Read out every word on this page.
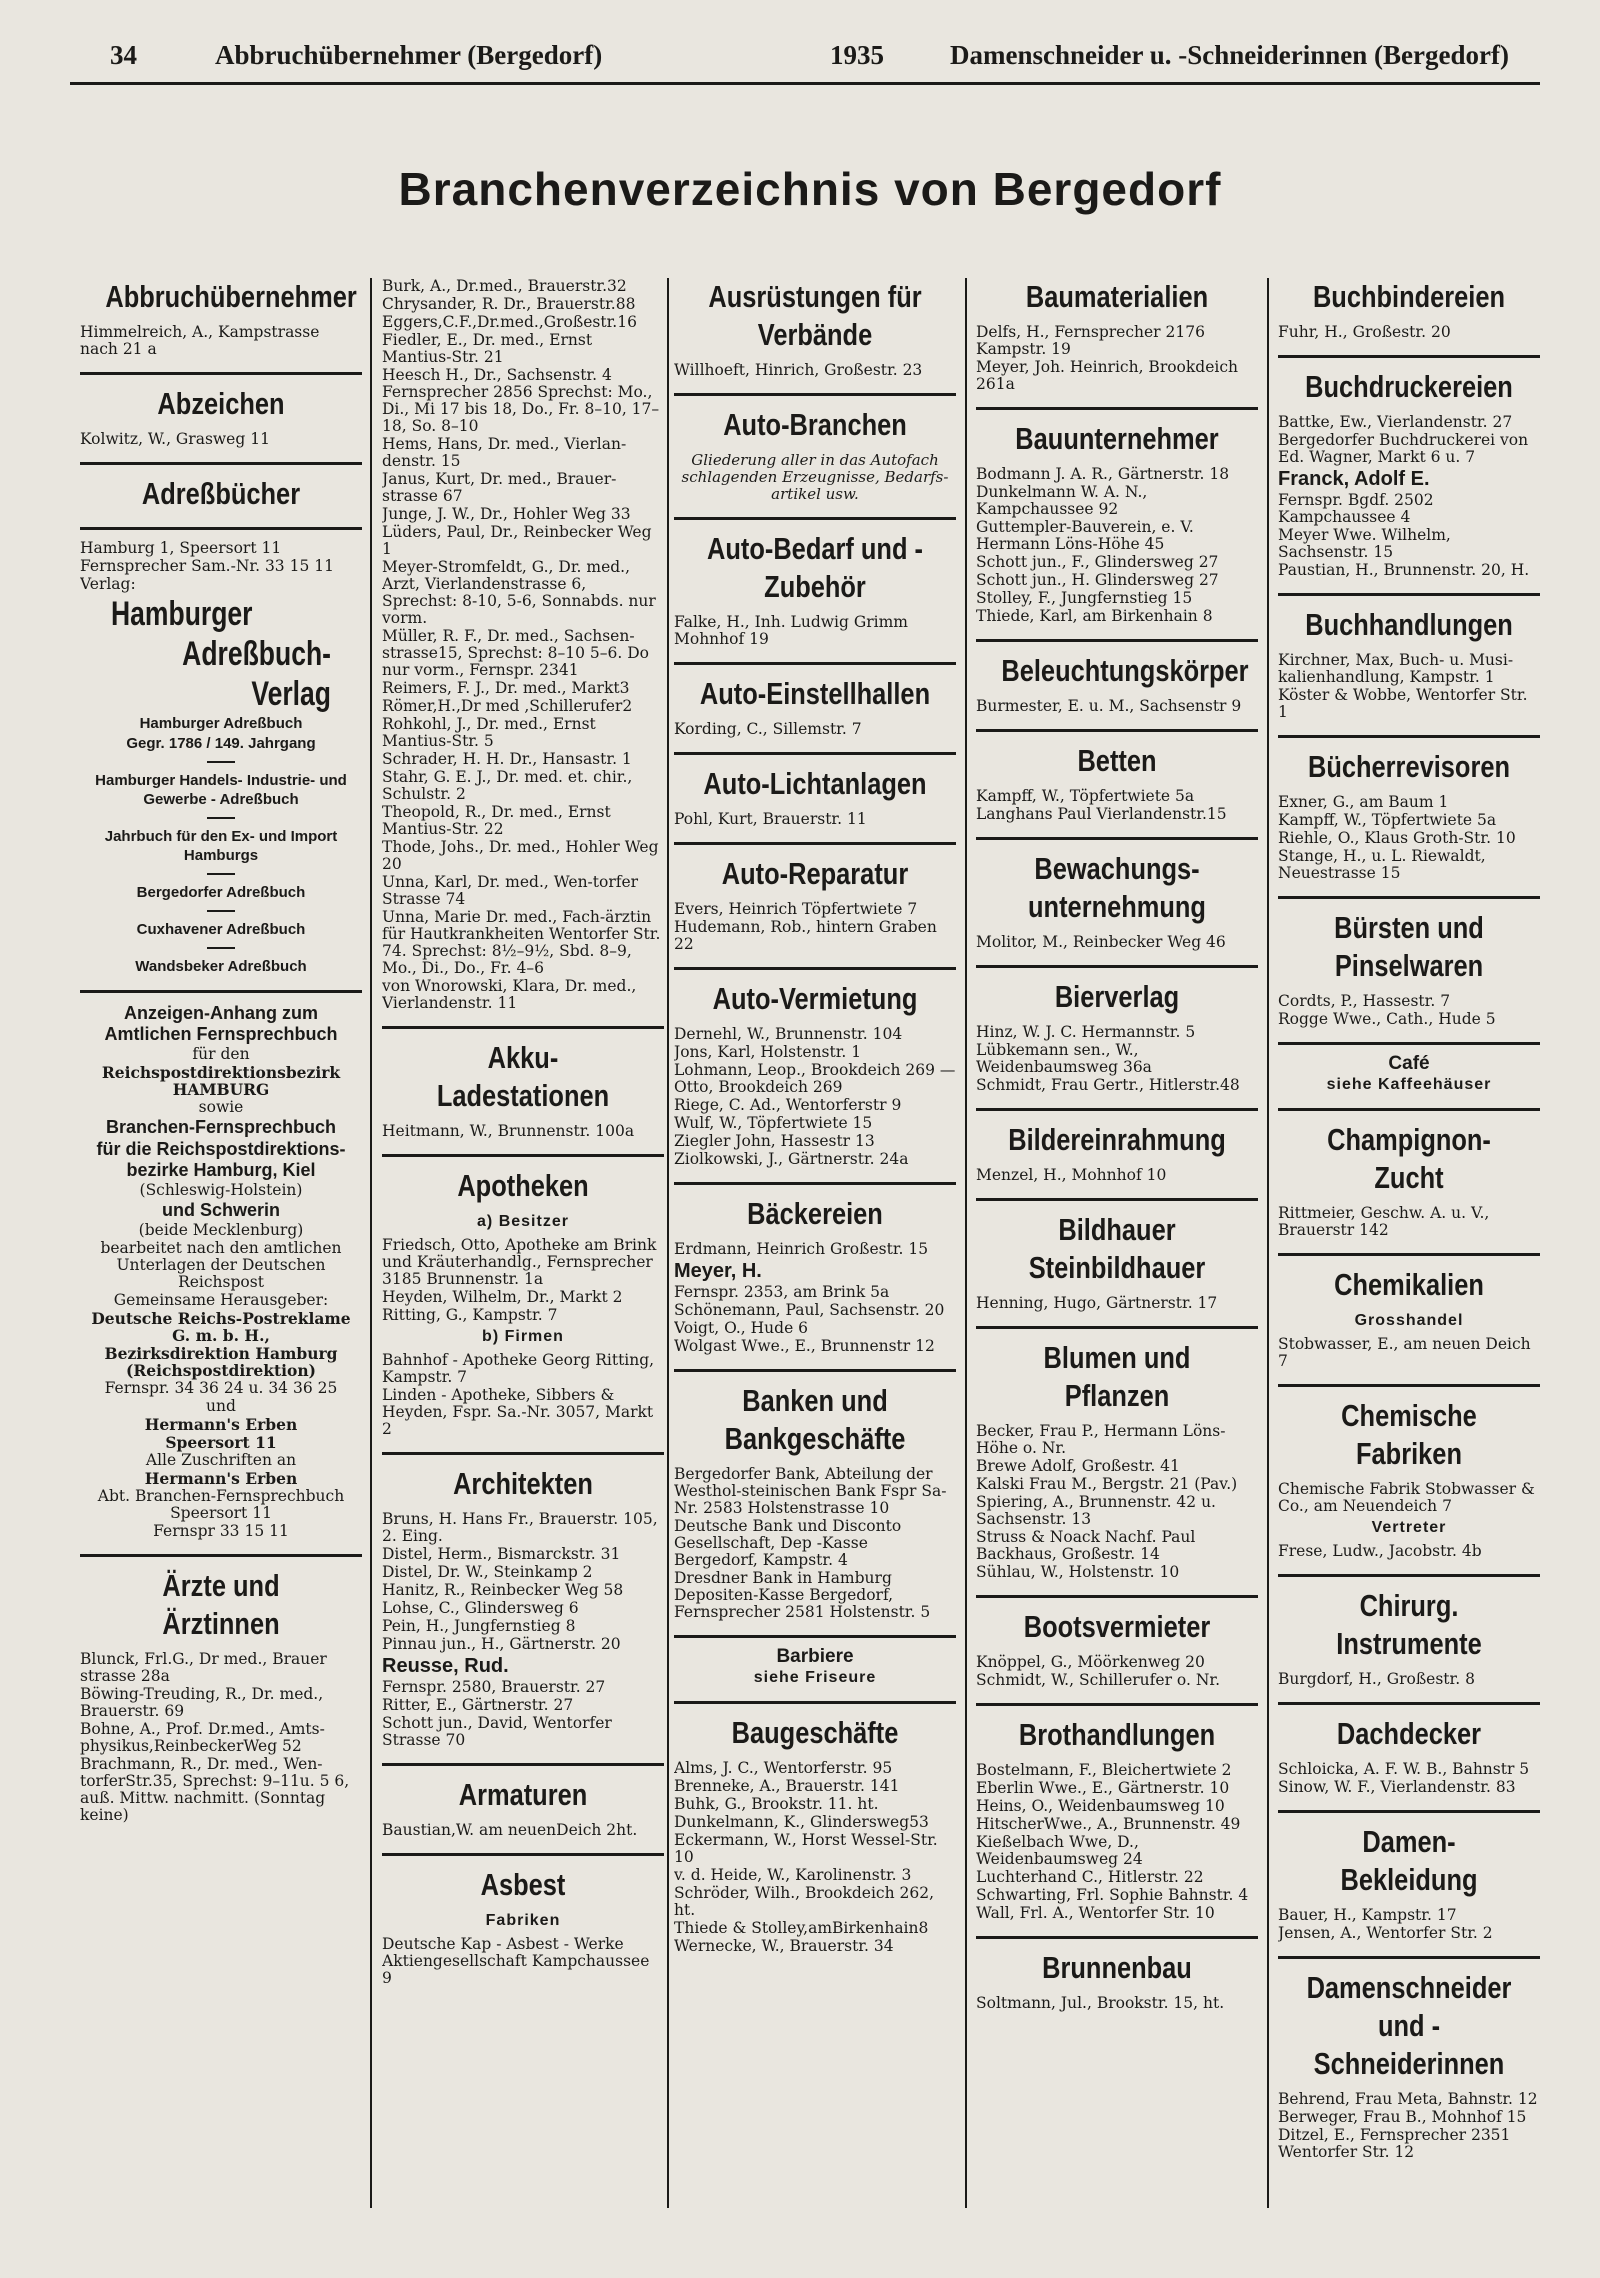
34	Abbruchübernehmer (Bergedorf)	1935 Damenschneider u. -Schneiderinnen (Bergedorf)
Branchenverzeichnis von Bergedorf
Abbruchübernehmer
Himmelreich, A., Kampstrasse nach 21 a
Abzeichen
Kolwitz, W., Grasweg 11
Adreßbücher
Hamburg 1, Speersort 11
Fernsprecher Sam.-Nr. 33 15 11
Verlag:
Hamburger
Adreßbuch-Verlag
Hamburger Adreßbuch
Gegr. 1786 / 149. Jahrgang
Hamburger Handels- Industrie- und Gewerbe - Adreßbuch
Jahrbuch für den Ex- und Import Hamburgs
Bergedorfer Adreßbuch
Cuxhavener Adreßbuch
Wandsbeker Adreßbuch
Anzeigen-Anhang zum Amtlichen Fernsprechbuch
für den
Reichspostdirektionsbezirk HAMBURG
sowie
Branchen-Fernsprechbuch
für die Reichspostdirektions-bezirke Hamburg, Kiel
(Schleswig-Holstein)
und Schwerin
(beide Mecklenburg)
bearbeitet nach den amtlichen Unterlagen der Deutschen Reichspost
Gemeinsame Herausgeber:
Deutsche Reichs-Postreklame G. m. b. H.,
Bezirksdirektion Hamburg (Reichspostdirektion)
Fernspr. 34 36 24 u. 34 36 25
und
Hermann's Erben
Speersort 11
Alle Zuschriften an
Hermann's Erben
Abt. Branchen-Fernsprechbuch Speersort 11
Fernspr 33 15 11
Ärzte und Ärztinnen
Blunck, Frl.G., Dr med., Brauer strasse 28a
Böwing-Treuding, R., Dr. med., Brauerstr. 69
Bohne, A., Prof. Dr.med., Amts-physikus,ReinbeckerWeg 52
Brachmann, R., Dr. med., Wen-torferStr.35, Sprechst: 9–11u. 5 6, auß. Mittw. nachmitt. (Sonntag keine)
Burk, A., Dr.med., Brauerstr.32
Chrysander, R. Dr., Brauerstr.88
Eggers,C.F.,Dr.med.,Großestr.16
Fiedler, E., Dr. med., Ernst Mantius-Str. 21
Heesch H., Dr., Sachsenstr. 4 Fernsprecher 2856 Sprechst: Mo., Di., Mi 17 bis 18, Do., Fr. 8–10, 17–18, So. 8–10
Hems, Hans, Dr. med., Vierlan-denstr. 15
Janus, Kurt, Dr. med., Brauer-strasse 67
Junge, J. W., Dr., Hohler Weg 33
Lüders, Paul, Dr., Reinbecker Weg 1
Meyer-Stromfeldt, G., Dr. med., Arzt, Vierlandenstrasse 6, Sprechst: 8-10, 5-6, Sonnabds. nur vorm.
Müller, R. F., Dr. med., Sachsen-strasse15, Sprechst: 8–10 5–6. Do nur vorm., Fernspr. 2341
Reimers, F. J., Dr. med., Markt3
Römer,H.,Dr med ,Schillerufer2
Rohkohl, J., Dr. med., Ernst Mantius-Str. 5
Schrader, H. H. Dr., Hansastr. 1
Stahr, G. E. J., Dr. med. et. chir., Schulstr. 2
Theopold, R., Dr. med., Ernst Mantius-Str. 22
Thode, Johs., Dr. med., Hohler Weg 20
Unna, Karl, Dr. med., Wen-torfer Strasse 74
Unna, Marie Dr. med., Fach-ärztin für Hautkrankheiten Wentorfer Str. 74. Sprechst: 8½–9½, Sbd. 8–9, Mo., Di., Do., Fr. 4–6
von Wnorowski, Klara, Dr. med., Vierlandenstr. 11
Akku-Ladestationen
Heitmann, W., Brunnenstr. 100a
Apotheken
a) Besitzer
Friedsch, Otto, Apotheke am Brink und Kräuterhandlg., Fernsprecher 3185 Brunnenstr. 1a
Heyden, Wilhelm, Dr., Markt 2
Ritting, G., Kampstr. 7
b) Firmen
Bahnhof - Apotheke Georg Ritting, Kampstr. 7
Linden - Apotheke, Sibbers & Heyden, Fspr. Sa.-Nr. 3057, Markt 2
Architekten
Bruns, H. Hans Fr., Brauerstr. 105, 2. Eing.
Distel, Herm., Bismarckstr. 31
Distel, Dr. W., Steinkamp 2
Hanitz, R., Reinbecker Weg 58
Lohse, C., Glindersweg 6
Pein, H., Jungfernstieg 8
Pinnau jun., H., Gärtnerstr. 20
Reusse, Rud.
Fernspr. 2580, Brauerstr. 27
Ritter, E., Gärtnerstr. 27
Schott jun., David, Wentorfer Strasse 70
Armaturen
Baustian,W. am neuenDeich 2ht.
Asbest
Fabriken
Deutsche Kap - Asbest - Werke Aktiengesellschaft Kampchaussee 9
Ausrüstungen für Verbände
Willhoeft, Hinrich, Großestr. 23
Auto-Branchen
Gliederung aller in das Autofach schlagenden Erzeugnisse, Bedarfs-artikel usw.
Auto-Bedarf und -Zubehör
Falke, H., Inh. Ludwig Grimm Mohnhof 19
Auto-Einstellhallen
Kording, C., Sillemstr. 7
Auto-Lichtanlagen
Pohl, Kurt, Brauerstr. 11
Auto-Reparatur
Evers, Heinrich Töpfertwiete 7
Hudemann, Rob., hintern Graben 22
Auto-Vermietung
Dernehl, W., Brunnenstr. 104
Jons, Karl, Holstenstr. 1
Lohmann, Leop., Brookdeich 269 — Otto, Brookdeich 269
Riege, C. Ad., Wentorferstr 9
Wulf, W., Töpfertwiete 15
Ziegler John, Hassestr 13
Ziolkowski, J., Gärtnerstr. 24a
Bäckereien
Erdmann, Heinrich Großestr. 15
Meyer, H.
Fernspr. 2353, am Brink 5a
Schönemann, Paul, Sachsenstr. 20
Voigt, O., Hude 6
Wolgast Wwe., E., Brunnenstr 12
Banken und Bankgeschäfte
Bergedorfer Bank, Abteilung der Westhol-steinischen Bank Fspr Sa-Nr. 2583 Holstenstrasse 10
Deutsche Bank und Disconto Gesellschaft, Dep -Kasse Bergedorf, Kampstr. 4
Dresdner Bank in Hamburg Depositen-Kasse Bergedorf, Fernsprecher 2581 Holstenstr. 5
Barbiere
siehe Friseure
Baugeschäfte
Alms, J. C., Wentorferstr. 95
Brenneke, A., Brauerstr. 141
Buhk, G., Brookstr. 11. ht.
Dunkelmann, K., Glindersweg53
Eckermann, W., Horst Wessel-Str. 10
v. d. Heide, W., Karolinenstr. 3
Schröder, Wilh., Brookdeich 262, ht.
Thiede & Stolley,amBirkenhain8
Wernecke, W., Brauerstr. 34
Baumaterialien
Delfs, H., Fernsprecher 2176 Kampstr. 19
Meyer, Joh. Heinrich, Brookdeich 261a
Bauunternehmer
Bodmann J. A. R., Gärtnerstr. 18
Dunkelmann W. A. N., Kampchaussee 92
Guttempler-Bauverein, e. V. Hermann Löns-Höhe 45
Schott jun., F., Glindersweg 27
Schott jun., H. Glindersweg 27
Stolley, F., Jungfernstieg 15
Thiede, Karl, am Birkenhain 8
Beleuchtungskörper
Burmester, E. u. M., Sachsenstr 9
Betten
Kampff, W., Töpfertwiete 5a
Langhans Paul Vierlandenstr.15
Bewachungs-unternehmung
Molitor, M., Reinbecker Weg 46
Bierverlag
Hinz, W. J. C. Hermannstr. 5
Lübkemann sen., W., Weidenbaumsweg 36a
Schmidt, Frau Gertr., Hitlerstr.48
Bildereinrahmung
Menzel, H., Mohnhof 10
Bildhauer Steinbildhauer
Henning, Hugo, Gärtnerstr. 17
Blumen und Pflanzen
Becker, Frau P., Hermann Löns-Höhe o. Nr.
Brewe Adolf, Großestr. 41
Kalski Frau M., Bergstr. 21 (Pav.)
Spiering, A., Brunnenstr. 42 u. Sachsenstr. 13
Struss & Noack Nachf. Paul Backhaus, Großestr. 14
Sühlau, W., Holstenstr. 10
Bootsvermieter
Knöppel, G., Möörkenweg 20
Schmidt, W., Schillerufer o. Nr.
Brothandlungen
Bostelmann, F., Bleichertwiete 2
Eberlin Wwe., E., Gärtnerstr. 10
Heins, O., Weidenbaumsweg 10
HitscherWwe., A., Brunnenstr. 49
Kießelbach Wwe, D., Weidenbaumsweg 24
Luchterhand C., Hitlerstr. 22
Schwarting, Frl. Sophie Bahnstr. 4
Wall, Frl. A., Wentorfer Str. 10
Brunnenbau
Soltmann, Jul., Brookstr. 15, ht.
Buchbindereien
Fuhr, H., Großestr. 20
Buchdruckereien
Battke, Ew., Vierlandenstr. 27
Bergedorfer Buchdruckerei von Ed. Wagner, Markt 6 u. 7
Franck, Adolf E.
Fernspr. Bgdf. 2502 Kampchaussee 4
Meyer Wwe. Wilhelm, Sachsenstr. 15
Paustian, H., Brunnenstr. 20, H.
Buchhandlungen
Kirchner, Max, Buch- u. Musi-kalienhandlung, Kampstr. 1
Köster & Wobbe, Wentorfer Str. 1
Bücherrevisoren
Exner, G., am Baum 1
Kampff, W., Töpfertwiete 5a
Riehle, O., Klaus Groth-Str. 10
Stange, H., u. L. Riewaldt, Neuestrasse 15
Bürsten und Pinselwaren
Cordts, P., Hassestr. 7
Rogge Wwe., Cath., Hude 5
Café
siehe Kaffeehäuser
Champignon-Zucht
Rittmeier, Geschw. A. u. V., Brauerstr 142
Chemikalien
Grosshandel
Stobwasser, E., am neuen Deich 7
Chemische Fabriken
Chemische Fabrik Stobwasser & Co., am Neuendeich 7
Vertreter
Frese, Ludw., Jacobstr. 4b
Chirurg. Instrumente
Burgdorf, H., Großestr. 8
Dachdecker
Schloicka, A. F. W. B., Bahnstr 5
Sinow, W. F., Vierlandenstr. 83
Damen-Bekleidung
Bauer, H., Kampstr. 17
Jensen, A., Wentorfer Str. 2
Damenschneider und -Schneiderinnen
Behrend, Frau Meta, Bahnstr. 12
Berweger, Frau B., Mohnhof 15
Ditzel, E., Fernsprecher 2351 Wentorfer Str. 12
